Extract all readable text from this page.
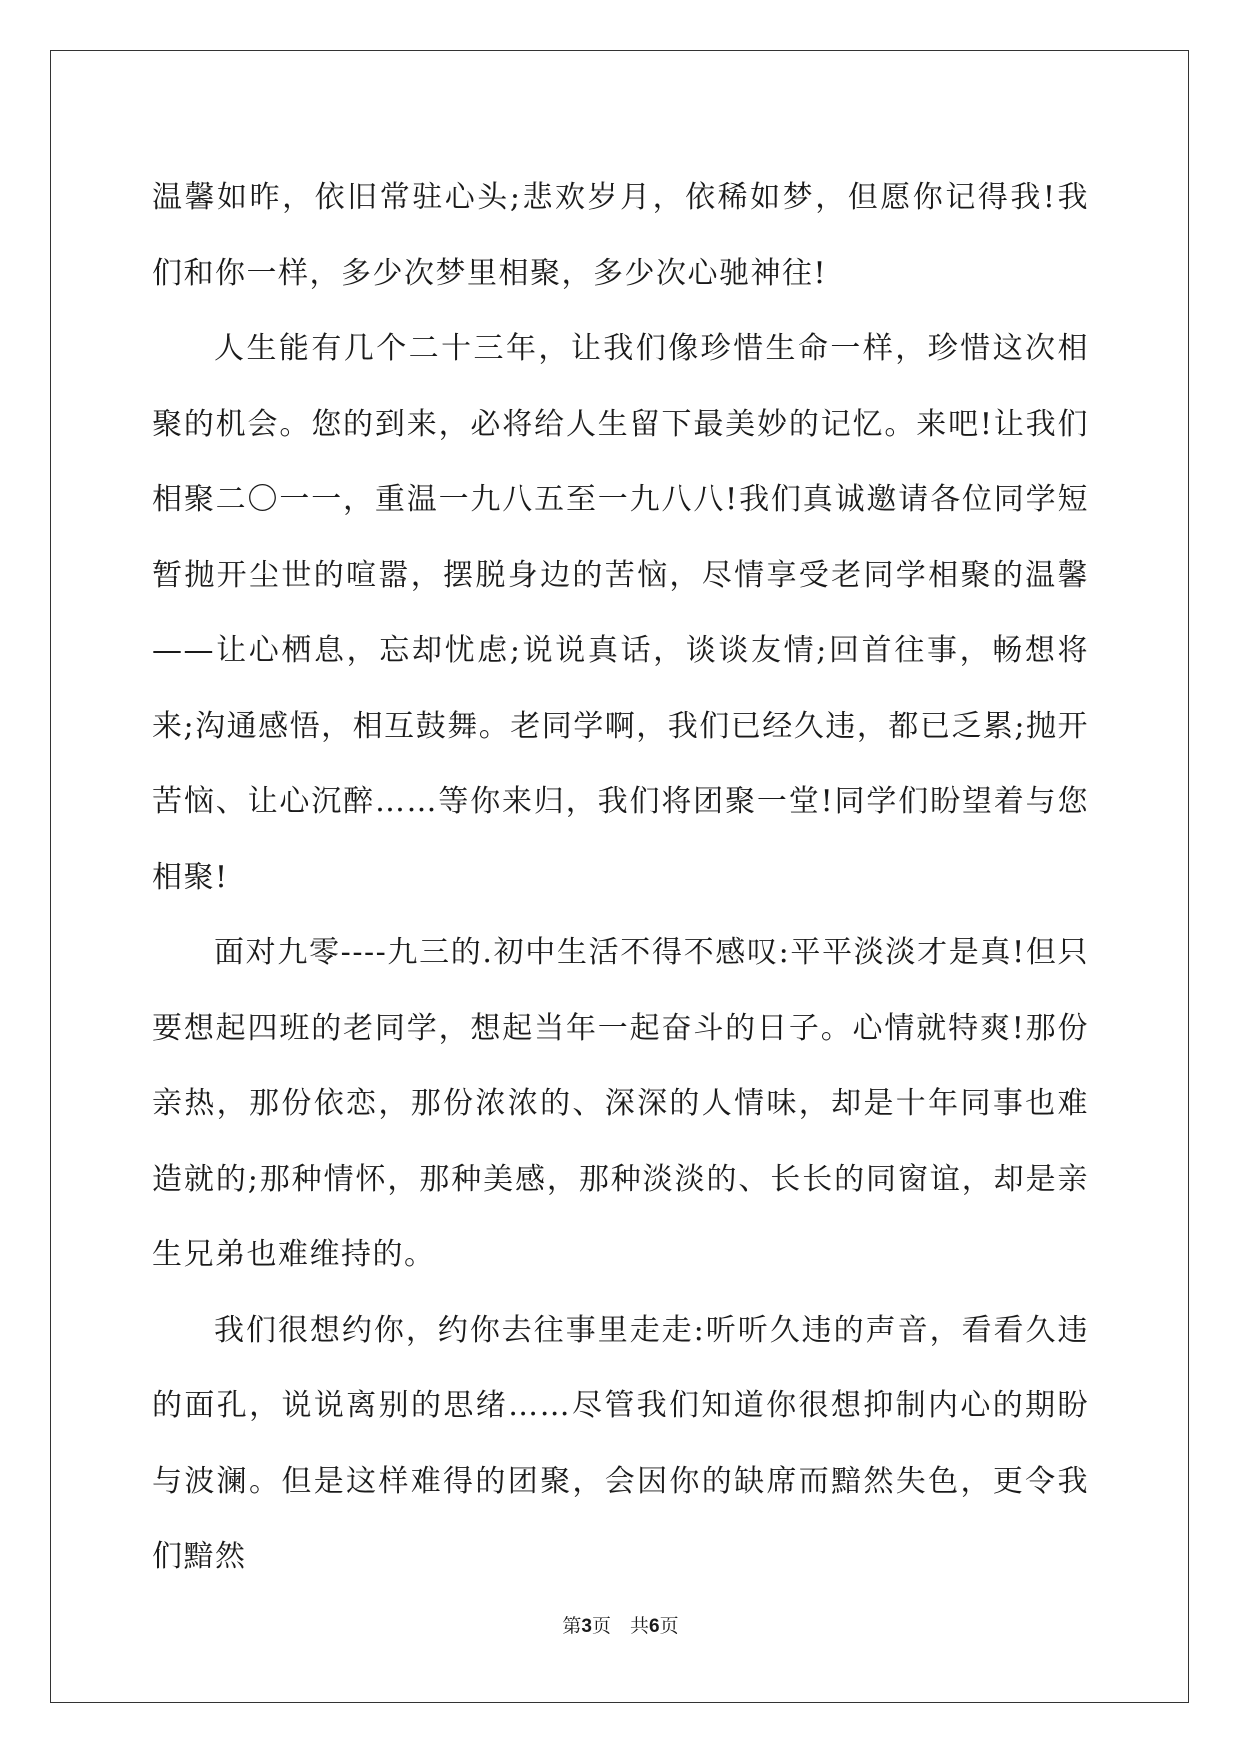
温馨如昨，依旧常驻心头;悲欢岁月，依稀如梦，但愿你记得我!我们和你一样，多少次梦里相聚，多少次心驰神往!

人生能有几个二十三年，让我们像珍惜生命一样，珍惜这次相聚的机会。您的到来，必将给人生留下最美妙的记忆。来吧!让我们相聚二〇一一，重温一九八五至一九八八!我们真诚邀请各位同学短暂抛开尘世的喧嚣，摆脱身边的苦恼，尽情享受老同学相聚的温馨——让心栖息，忘却忧虑;说说真话，谈谈友情;回首往事，畅想将来;沟通感悟，相互鼓舞。老同学啊，我们已经久违，都已乏累;抛开苦恼、让心沉醉……等你来归，我们将团聚一堂!同学们盼望着与您相聚!

面对九零----九三的.初中生活不得不感叹:平平淡淡才是真!但只要想起四班的老同学，想起当年一起奋斗的日子。心情就特爽!那份亲热，那份依恋，那份浓浓的、深深的人情味，却是十年同事也难造就的;那种情怀，那种美感，那种淡淡的、长长的同窗谊，却是亲生兄弟也难维持的。

我们很想约你，约你去往事里走走:听听久违的声音，看看久违的面孔，说说离别的思绪……尽管我们知道你很想抑制内心的期盼与波澜。但是这样难得的团聚，会因你的缺席而黯然失色，更令我们黯然

第3页　共6页
